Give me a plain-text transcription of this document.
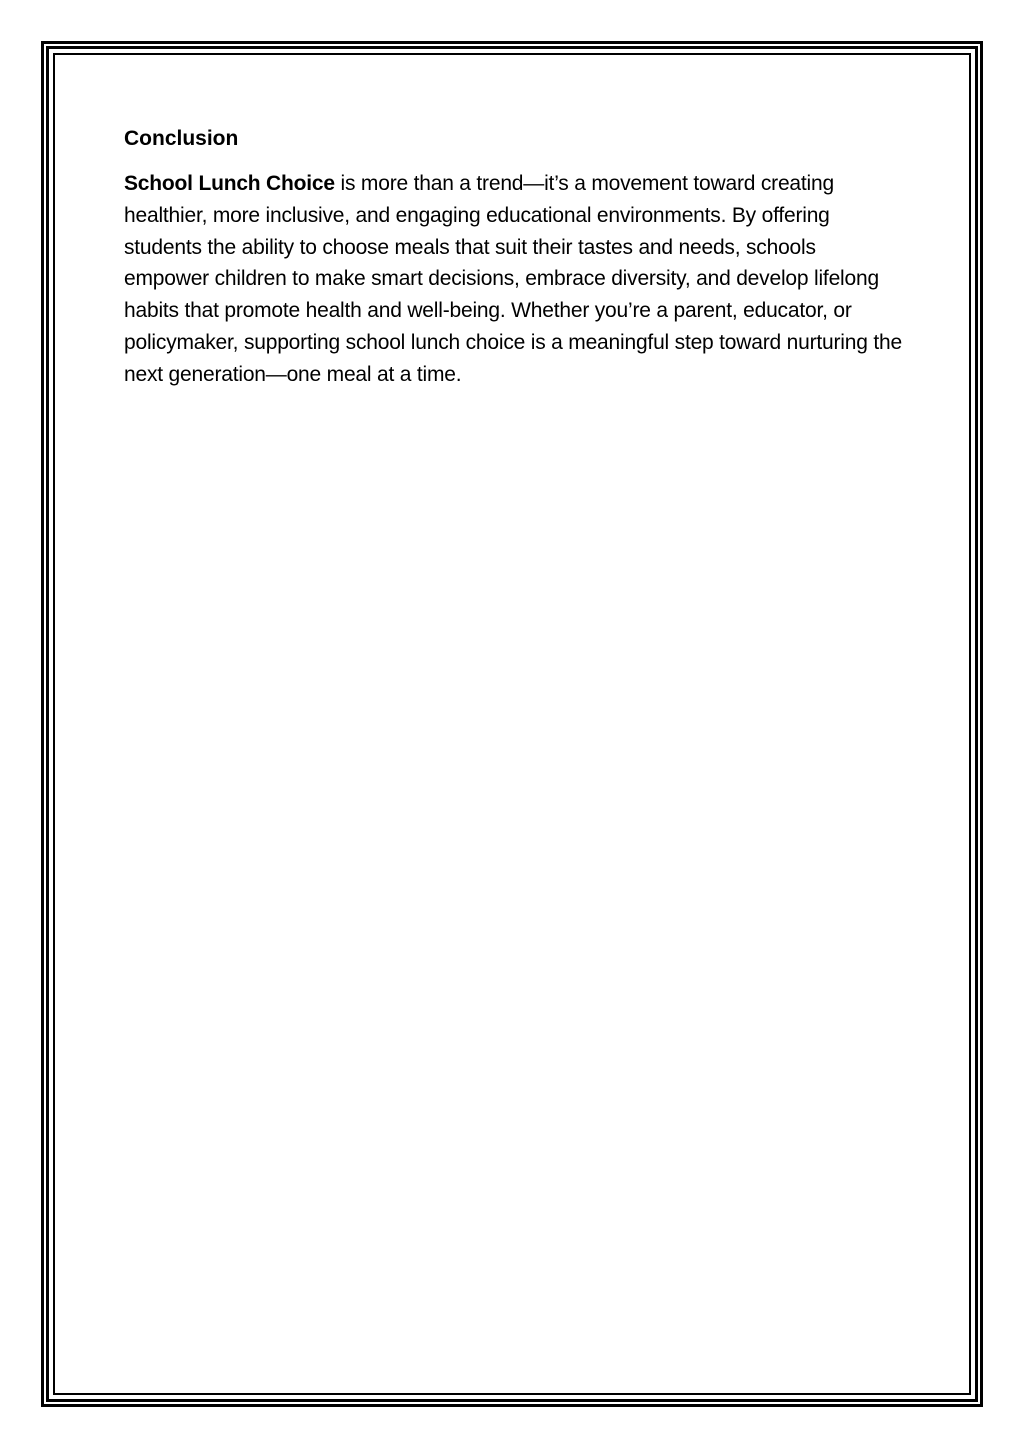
Conclusion

School Lunch Choice is more than a trend—it’s a movement toward creating healthier, more inclusive, and engaging educational environments. By offering students the ability to choose meals that suit their tastes and needs, schools empower children to make smart decisions, embrace diversity, and develop lifelong habits that promote health and well-being. Whether you’re a parent, educator, or policymaker, supporting school lunch choice is a meaningful step toward nurturing the next generation—one meal at a time.
